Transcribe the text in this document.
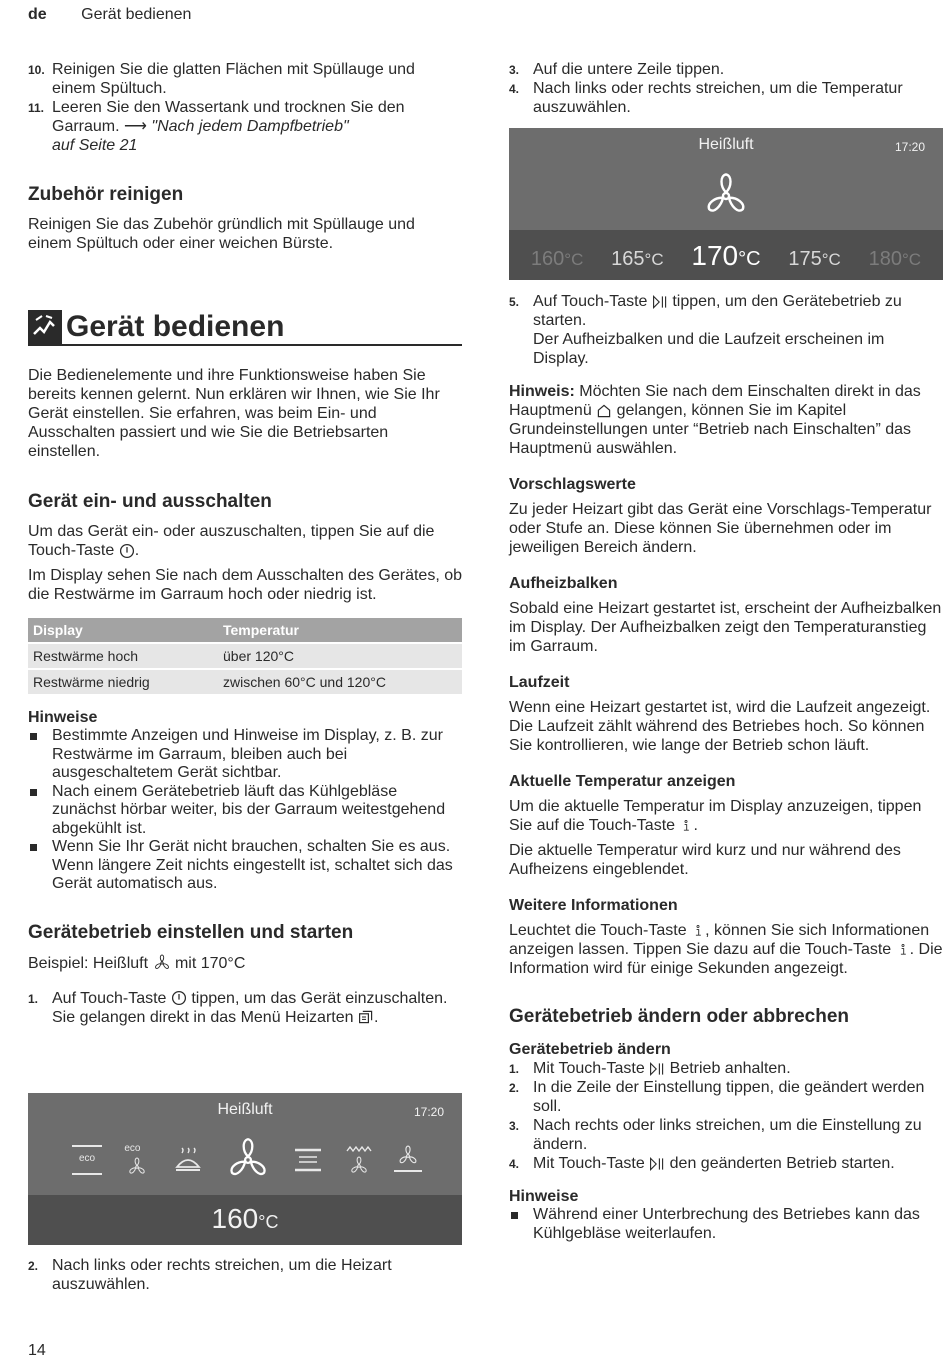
de Gerät bedienen
10. Reinigen Sie die glatten Flächen mit Spüllauge und einem Spültuch.
11. Leeren Sie den Wassertank und trocknen Sie den Garraum. ⟶ "Nach jedem Dampfbetrieb"
auf Seite 21
Zubehör reinigen

Reinigen Sie das Zubehör gründlich mit Spüllauge und einem Spültuch oder einer weichen Bürste.

Gerät bedienen

Die Bedienelemente und ihre Funktionsweise haben Sie bereits kennen gelernt. Nun erklären wir Ihnen, wie Sie Ihr Gerät einstellen. Sie erfahren, was beim Ein- und Ausschalten passiert und wie Sie die Betriebsarten einstellen.

Gerät ein- und ausschalten

Um das Gerät ein- oder auszuschalten, tippen Sie auf die Touch-Taste .

Im Display sehen Sie nach dem Ausschalten des Gerätes, ob die Restwärme im Garraum hoch oder niedrig ist.

Display	Temperatur
Restwärme hoch	über 120°C
Restwärme niedrig	zwischen 60°C und 120°C
Hinweise
Bestimmte Anzeigen und Hinweise im Display, z. B. zur Restwärme im Garraum, bleiben auch bei ausgeschaltetem Gerät sichtbar.
Nach einem Gerätebetrieb läuft das Kühlgebläse zunächst hörbar weiter, bis der Garraum weitestgehend abgekühlt ist.
Wenn Sie Ihr Gerät nicht brauchen, schalten Sie es aus. Wenn längere Zeit nichts eingestellt ist, schaltet sich das Gerät automatisch aus.
Gerätebetrieb einstellen und starten

Beispiel: Heißluft mit 170°C

1. Auf Touch-Taste tippen, um das Gerät einzuschalten.
Sie gelangen direkt in das Menü Heizarten .
Heißluft	17:20
eco
eco
160°C
2. Nach links oder rechts streichen, um die Heizart auszuwählen.
3. Auf die untere Zeile tippen.
4. Nach links oder rechts streichen, um die Temperatur auszuwählen.
Heißluft	17:20
160°C 165°C 170°C 175°C 180°C
5. Auf Touch-Taste tippen, um den Gerätebetrieb zu starten.
Der Aufheizbalken und die Laufzeit erscheinen im Display.

Hinweis: Möchten Sie nach dem Einschalten direkt in das Hauptmenü gelangen, können Sie im Kapitel Grundeinstellungen unter “Betrieb nach Einschalten” das Hauptmenü auswählen.

Vorschlagswerte

Zu jeder Heizart gibt das Gerät eine Vorschlags-Temperatur oder Stufe an. Diese können Sie übernehmen oder im jeweiligen Bereich ändern.

Aufheizbalken

Sobald eine Heizart gestartet ist, erscheint der Aufheizbalken im Display. Der Aufheizbalken zeigt den Temperaturanstieg im Garraum.

Laufzeit

Wenn eine Heizart gestartet ist, wird die Laufzeit angezeigt. Die Laufzeit zählt während des Betriebes hoch. So können Sie kontrollieren, wie lange der Betrieb schon läuft.

Aktuelle Temperatur anzeigen

Um die aktuelle Temperatur im Display anzuzeigen, tippen Sie auf die Touch-Taste .

Die aktuelle Temperatur wird kurz und nur während des Aufheizens eingeblendet.

Weitere Informationen

Leuchtet die Touch-Taste , können Sie sich Informationen anzeigen lassen. Tippen Sie dazu auf die Touch-Taste . Die Information wird für einige Sekunden angezeigt.

Gerätebetrieb ändern oder abbrechen
Gerätebetrieb ändern
1. Mit Touch-Taste Betrieb anhalten.
2. In die Zeile der Einstellung tippen, die geändert werden soll.
3. Nach rechts oder links streichen, um die Einstellung zu ändern.
4. Mit Touch-Taste den geänderten Betrieb starten.
Hinweise
Während einer Unterbrechung des Betriebes kann das Kühlgebläse weiterlaufen.
14
